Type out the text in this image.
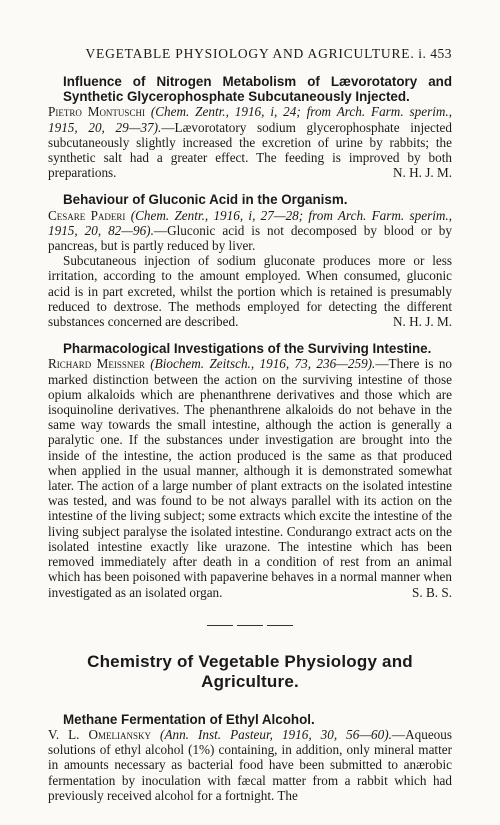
VEGETABLE PHYSIOLOGY AND AGRICULTURE. i. 453

Influence of Nitrogen Metabolism of Lævorotatory and Synthetic Glycerophosphate Subcutaneously Injected.

Pietro Montuschi (Chem. Zentr., 1916, i, 24; from Arch. Farm. sperim., 1915, 20, 29—37).—Lævorotatory sodium glycerophosphate injected subcutaneously slightly increased the excretion of urine by rabbits; the synthetic salt had a greater effect. The feeding is improved by both preparations.	N. H. J. M.

Behaviour of Gluconic Acid in the Organism.

Cesare Paderi (Chem. Zentr., 1916, i, 27—28; from Arch. Farm. sperim., 1915, 20, 82—96).—Gluconic acid is not decomposed by blood or by pancreas, but is partly reduced by liver.

Subcutaneous injection of sodium gluconate produces more or less irritation, according to the amount employed. When consumed, gluconic acid is in part excreted, whilst the portion which is retained is presumably reduced to dextrose. The methods employed for detecting the different substances concerned are described.	N. H. J. M.

Pharmacological Investigations of the Surviving Intestine.

Richard Meissner (Biochem. Zeitsch., 1916, 73, 236—259).—There is no marked distinction between the action on the surviving intestine of those opium alkaloids which are phenanthrene derivatives and those which are isoquinoline derivatives. The phenanthrene alkaloids do not behave in the same way towards the small intestine, although the action is generally a paralytic one. If the substances under investigation are brought into the inside of the intestine, the action produced is the same as that produced when applied in the usual manner, although it is demonstrated somewhat later. The action of a large number of plant extracts on the isolated intestine was tested, and was found to be not always parallel with its action on the intestine of the living subject; some extracts which excite the intestine of the living subject paralyse the isolated intestine. Condurango extract acts on the isolated intestine exactly like urazone. The intestine which has been removed immediately after death in a condition of rest from an animal which has been poisoned with papaverine behaves in a normal manner when investigated as an isolated organ.	S. B. S.

Chemistry of Vegetable Physiology and Agriculture.

Methane Fermentation of Ethyl Alcohol.

V. L. Omeliansky (Ann. Inst. Pasteur, 1916, 30, 56—60).—Aqueous solutions of ethyl alcohol (1%) containing, in addition, only mineral matter in amounts necessary as bacterial food have been submitted to anærobic fermentation by inoculation with fæcal matter from a rabbit which had previously received alcohol for a fortnight. The
